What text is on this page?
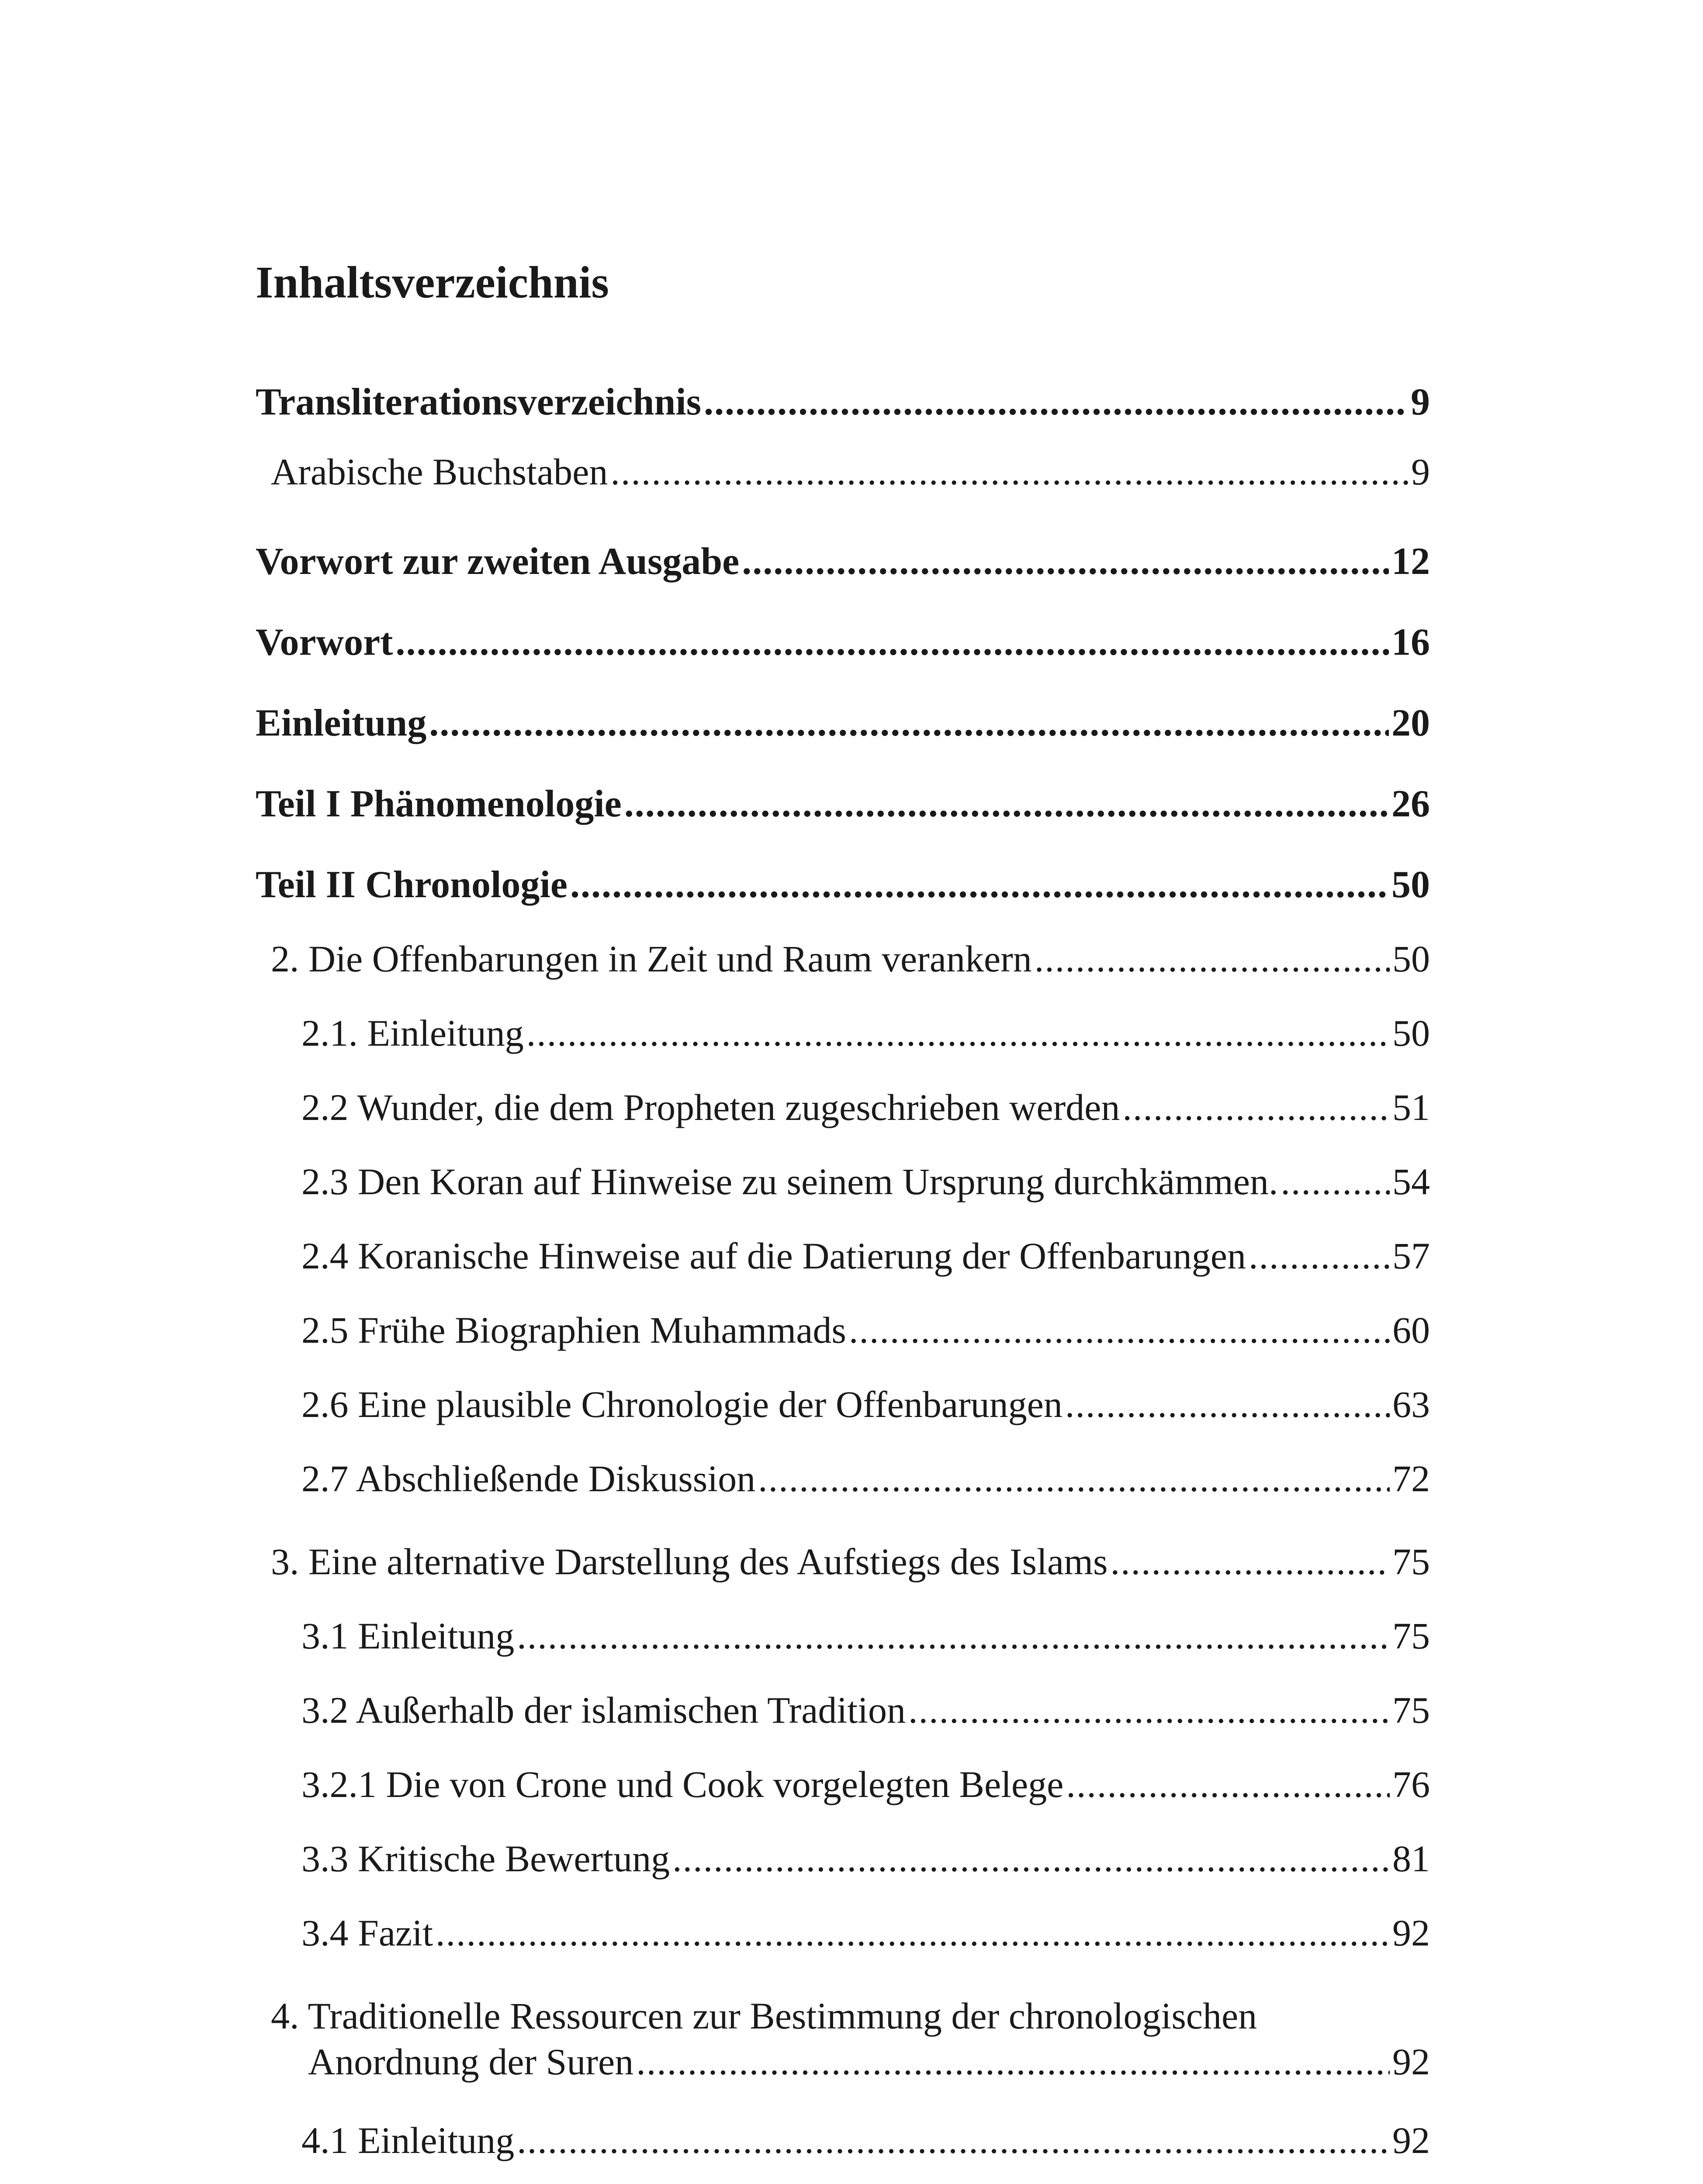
Inhaltsverzeichnis
Transliterationsverzeichnis .....	9
Arabische Buchstaben .....	9
Vorwort zur zweiten Ausgabe .....	12
Vorwort .....	16
Einleitung .....	20
Teil I Phänomenologie .....	26
Teil II Chronologie .....	50
2. Die Offenbarungen in Zeit und Raum verankern .....	50
2.1. Einleitung .....	50
2.2 Wunder, die dem Propheten zugeschrieben werden .....	51
2.3 Den Koran auf Hinweise zu seinem Ursprung durchkämmen. .....	54
2.4 Koranische Hinweise auf die Datierung der Offenbarungen .....	57
2.5 Frühe Biographien Muhammads .....	60
2.6 Eine plausible Chronologie der Offenbarungen .....	63
2.7 Abschließende Diskussion .....	72
3. Eine alternative Darstellung des Aufstiegs des Islams .....	75
3.1 Einleitung .....	75
3.2 Außerhalb der islamischen Tradition .....	75
3.2.1 Die von Crone und Cook vorgelegten Belege .....	76
3.3 Kritische Bewertung .....	81
3.4 Fazit .....	92
4. Traditionelle Ressourcen zur Bestimmung der chronologischen
Anordnung der Suren .....	92
4.1 Einleitung .....	92
